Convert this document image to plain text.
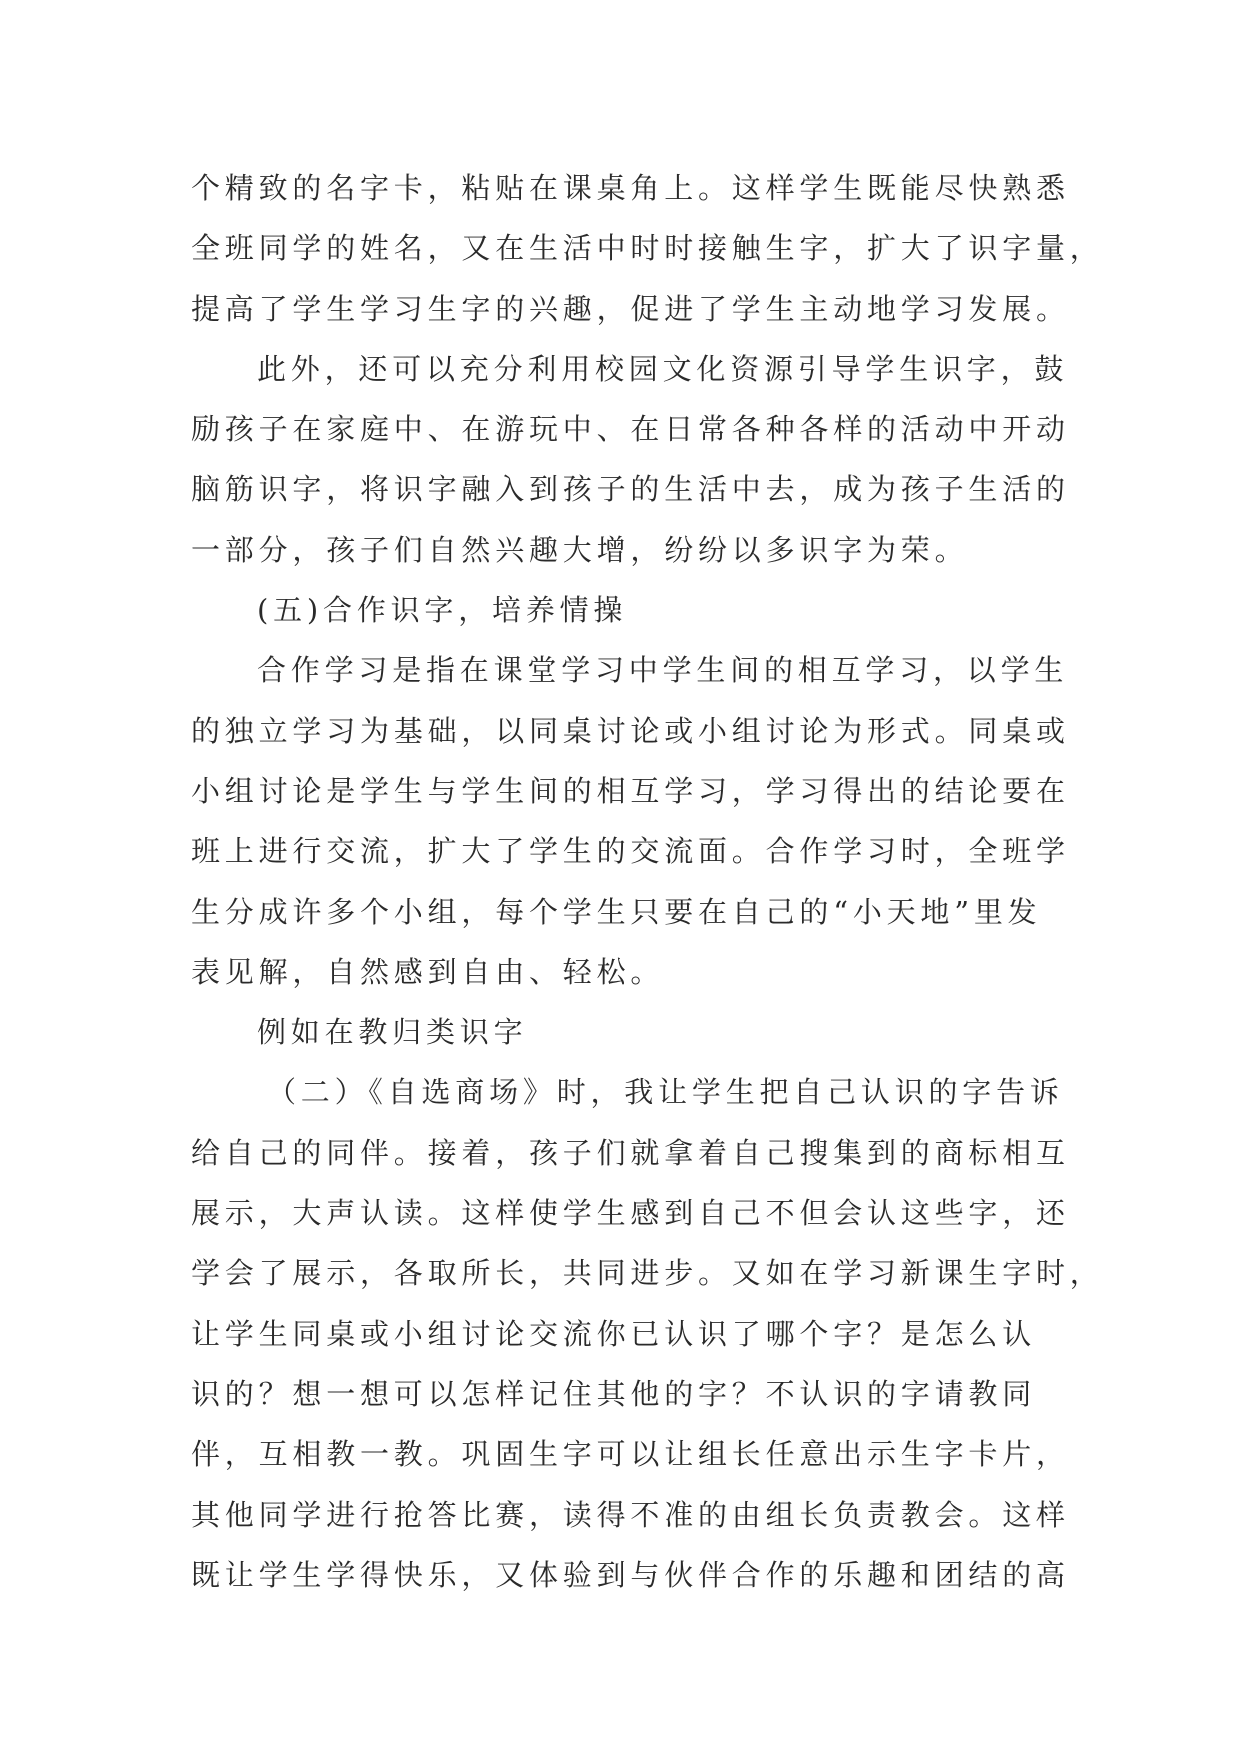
个精致的名字卡，粘贴在课桌角上。这样学生既能尽快熟悉
全班同学的姓名，又在生活中时时接触生字，扩大了识字量，
提高了学生学习生字的兴趣，促进了学生主动地学习发展。
此外，还可以充分利用校园文化资源引导学生识字，鼓
励孩子在家庭中、在游玩中、在日常各种各样的活动中开动
脑筋识字，将识字融入到孩子的生活中去，成为孩子生活的
一部分，孩子们自然兴趣大增，纷纷以多识字为荣。
(五)合作识字，培养情操
合作学习是指在课堂学习中学生间的相互学习，以学生
的独立学习为基础，以同桌讨论或小组讨论为形式。同桌或
小组讨论是学生与学生间的相互学习，学习得出的结论要在
班上进行交流，扩大了学生的交流面。合作学习时，全班学
生分成许多个小组，每个学生只要在自己的“小天地”里发
表见解，自然感到自由、轻松。
例如在教归类识字
（二）《自选商场》时，我让学生把自己认识的字告诉
给自己的同伴。接着，孩子们就拿着自己搜集到的商标相互
展示，大声认读。这样使学生感到自己不但会认这些字，还
学会了展示，各取所长，共同进步。又如在学习新课生字时，
让学生同桌或小组讨论交流你已认识了哪个字？是怎么认
识的？想一想可以怎样记住其他的字？不认识的字请教同
伴，互相教一教。巩固生字可以让组长任意出示生字卡片，
其他同学进行抢答比赛，读得不准的由组长负责教会。这样
既让学生学得快乐，又体验到与伙伴合作的乐趣和团结的高
